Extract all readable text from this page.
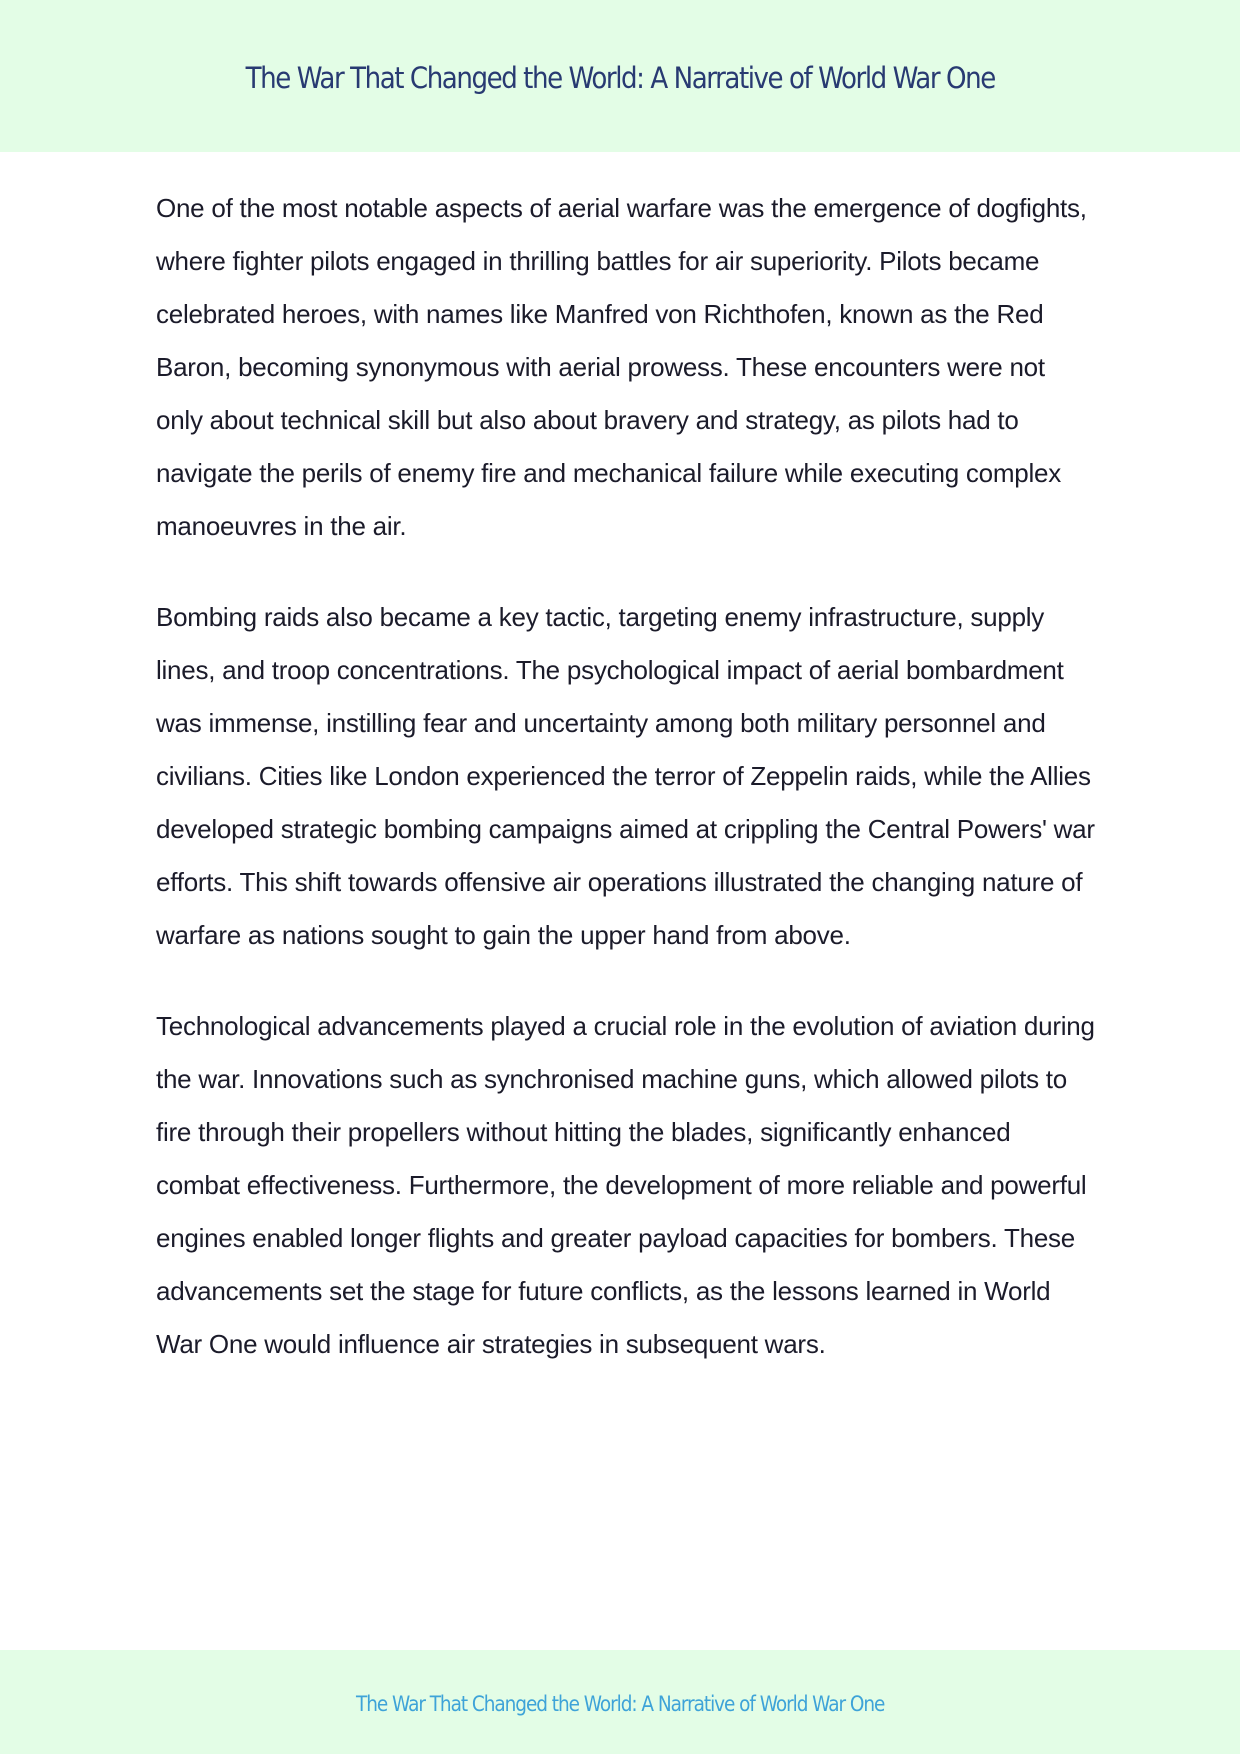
The War That Changed the World: A Narrative of World War One

One of the most notable aspects of aerial warfare was the emergence of dogfights, where fighter pilots engaged in thrilling battles for air superiority. Pilots became celebrated heroes, with names like Manfred von Richthofen, known as the Red Baron, becoming synonymous with aerial prowess. These encounters were not only about technical skill but also about bravery and strategy, as pilots had to navigate the perils of enemy fire and mechanical failure while executing complex manoeuvres in the air.

Bombing raids also became a key tactic, targeting enemy infrastructure, supply lines, and troop concentrations. The psychological impact of aerial bombardment was immense, instilling fear and uncertainty among both military personnel and civilians. Cities like London experienced the terror of Zeppelin raids, while the Allies developed strategic bombing campaigns aimed at crippling the Central Powers' war efforts. This shift towards offensive air operations illustrated the changing nature of warfare as nations sought to gain the upper hand from above.

Technological advancements played a crucial role in the evolution of aviation during the war. Innovations such as synchronised machine guns, which allowed pilots to fire through their propellers without hitting the blades, significantly enhanced combat effectiveness. Furthermore, the development of more reliable and powerful engines enabled longer flights and greater payload capacities for bombers. These advancements set the stage for future conflicts, as the lessons learned in World War One would influence air strategies in subsequent wars.

The War That Changed the World: A Narrative of World War One
